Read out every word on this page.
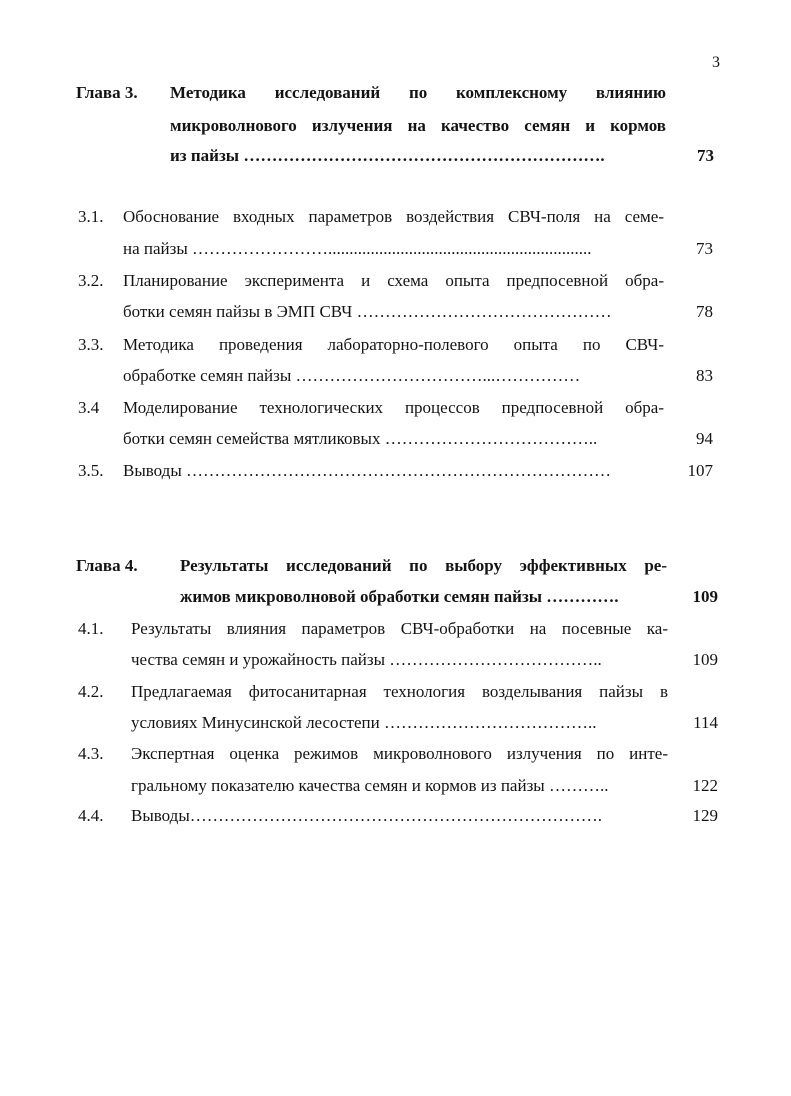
3
Глава 3. Методика исследований по комплексному влиянию
микроволнового излучения на качество семян и кормов
из пайзы ……………………………………………………….	73
3.1. Обоснование входных параметров воздействия СВЧ-поля на семе-
на пайзы ……………………..............................................................	73
3.2. Планирование эксперимента и схема опыта предпосевной обра-
ботки семян пайзы в ЭМП СВЧ ………………………………………	78
3.3. Методика проведения лабораторно-полевого опыта по СВЧ-
обработке семян пайзы ……………………………...……………	83
3.4 Моделирование технологических процессов предпосевной обра-
ботки семян семейства мятликовых ………………………………..	94
3.5. Выводы …………………………………………………………………	107
Глава 4. Результаты исследований по выбору эффективных ре-
жимов микроволновой обработки семян пайзы ………….	109
4.1. Результаты влияния параметров СВЧ-обработки на посевные ка-
чества семян и урожайность пайзы ………………………………..	109
4.2. Предлагаемая фитосанитарная технология возделывания пайзы в
условиях Минусинской лесостепи ………………………………..	114
4.3. Экспертная оценка режимов микроволнового излучения по инте-
гральному показателю качества семян и кормов из пайзы ………..	122
4.4. Выводы……………………………………………………………….	129
